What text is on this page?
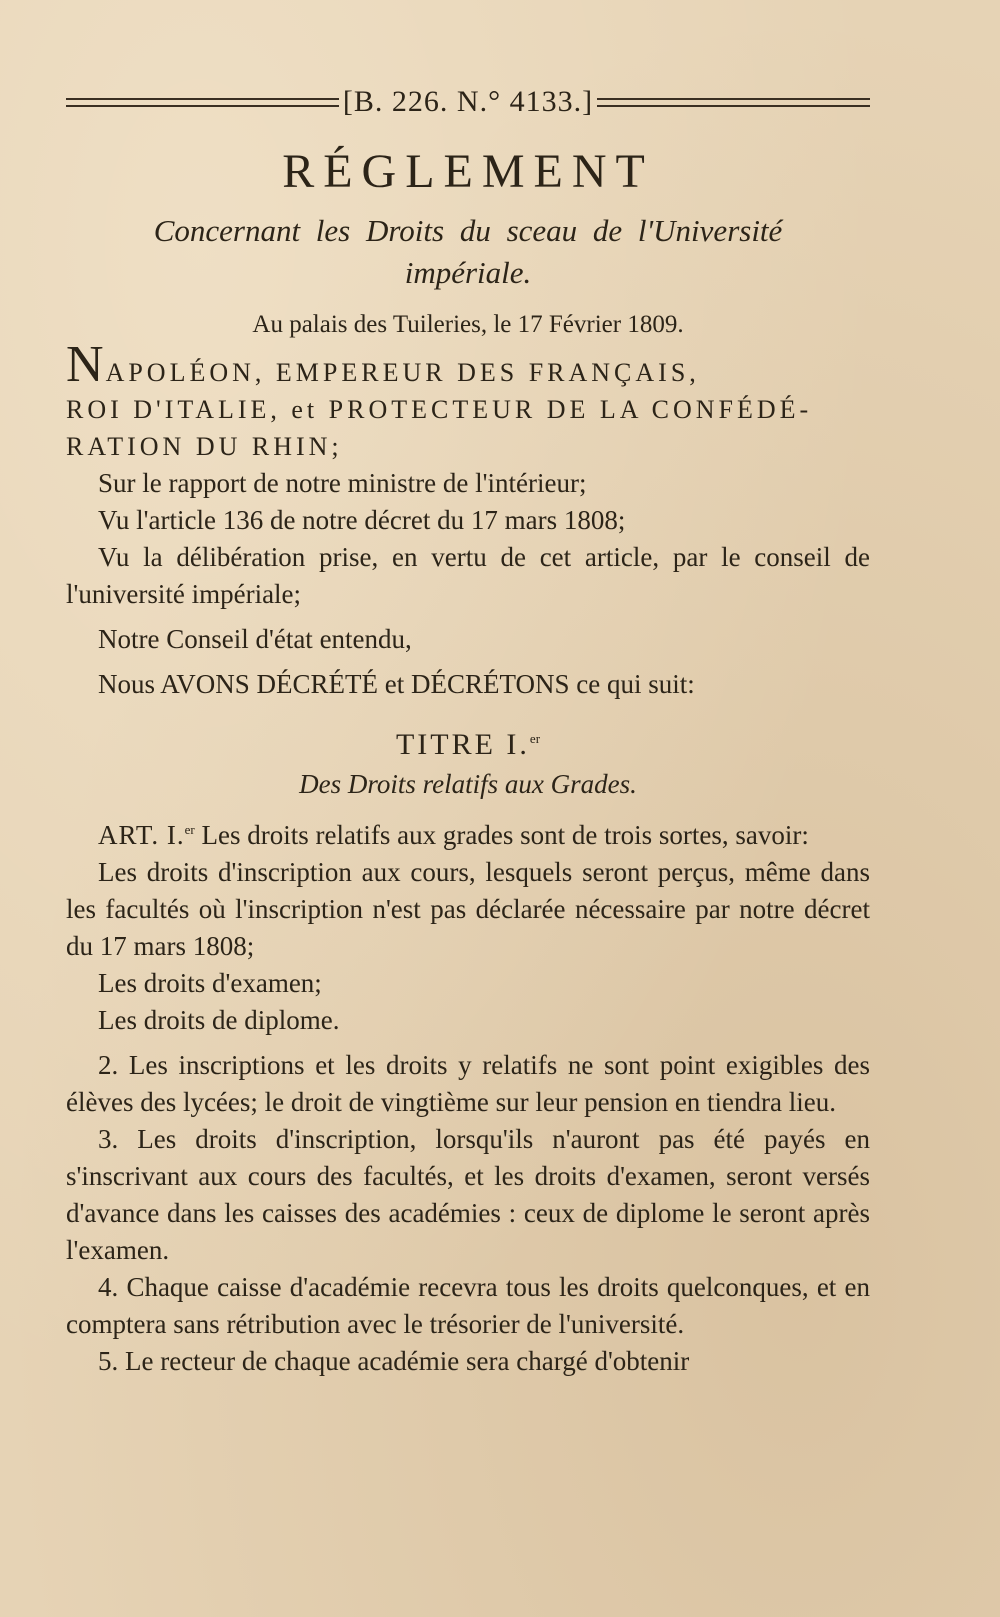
[B. 226. N.° 4133.]
RÉGLEMENT
Concernant les Droits du sceau de l'Université
impériale.
Au palais des Tuileries, le 17 Février 1809.
NAPOLÉON, EMPEREUR DES FRANÇAIS,
ROI D'ITALIE, et PROTECTEUR DE LA CONFÉDÉ-
RATION DU RHIN;

Sur le rapport de notre ministre de l'intérieur;

Vu l'article 136 de notre décret du 17 mars 1808;

Vu la délibération prise, en vertu de cet article, par le conseil de l'université impériale;

Notre Conseil d'état entendu,

Nous AVONS DÉCRÉTÉ et DÉCRÉTONS ce qui suit:

TITRE I.$^{er}$
Des Droits relatifs aux Grades.

ART. I.$^{er}$ Les droits relatifs aux grades sont de trois sortes, savoir:

Les droits d'inscription aux cours, lesquels seront perçus, même dans les facultés où l'inscription n'est pas déclarée nécessaire par notre décret du 17 mars 1808;

Les droits d'examen;

Les droits de diplome.

2. Les inscriptions et les droits y relatifs ne sont point exigibles des élèves des lycées; le droit de vingtième sur leur pension en tiendra lieu.

3. Les droits d'inscription, lorsqu'ils n'auront pas été payés en s'inscrivant aux cours des facultés, et les droits d'examen, seront versés d'avance dans les caisses des académies : ceux de diplome le seront après l'examen.

4. Chaque caisse d'académie recevra tous les droits quelconques, et en comptera sans rétribution avec le trésorier de l'université.

5. Le recteur de chaque académie sera chargé d'obtenir
